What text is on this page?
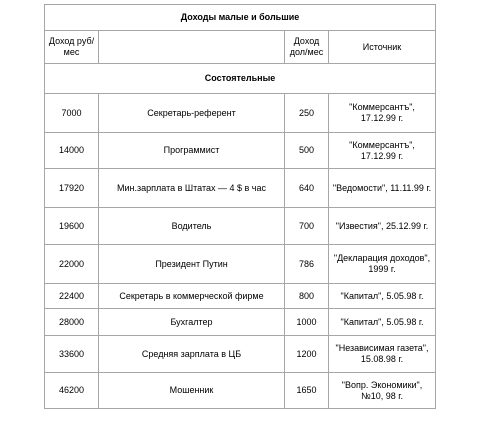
Доходы малые и большие			
Доход руб/мес		Доход дол/мес	Источник
Состоятельные			
7000	Секретарь-референт	250	"Коммерсантъ", 17.12.99 г.
14000	Программист	500	"Коммерсантъ", 17.12.99 г.
17920	Мин.зарплата в Штатах — 4 $ в час	640	"Ведомости", 11.11.99 г.
19600	Водитель	700	"Известия", 25.12.99 г.
22000	Президент Путин	786	"Декларация доходов", 1999 г.
22400	Секретарь в коммерческой фирме	800	"Капитал", 5.05.98 г.
28000	Бухгалтер	1000	"Капитал", 5.05.98 г.
33600	Средняя зарплата в ЦБ	1200	"Независимая газета", 15.08.98 г.
46200	Мошенник	1650	"Вопр. Экономики", №10, 98 г.
